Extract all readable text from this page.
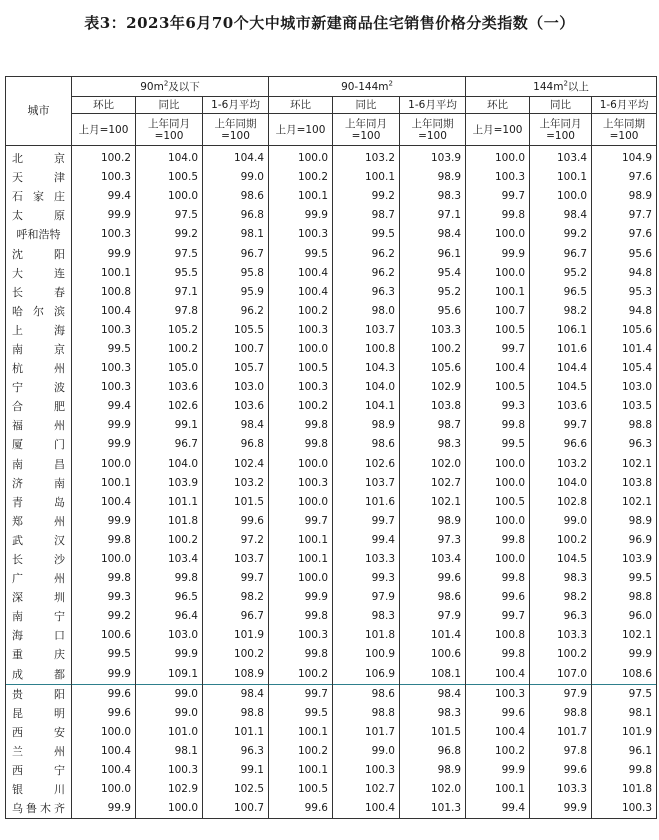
表3：2023年6月70个大中城市新建商品住宅销售价格分类指数（一）
城市	$90m^2$及以下			$90-144m^2$			$144m^2$以上		
	环比	同比	1-6月平均	环比	同比	1-6月平均	环比	同比	1-6月平均
	上月=100	上年同月=100	上年同期=100	上月=100	上年同月=100	上年同期=100	上月=100	上年同月=100	上年同期=100

北 京	100.2	104.0	104.4	100.0	103.2	103.9	100.0	103.4	104.9

天 津	100.3	100.5	99.0	100.2	100.1	98.9	100.3	100.1	97.6

石 家 庄	99.4	100.0	98.6	100.1	99.2	98.3	99.7	100.0	98.9

太 原	99.9	97.5	96.8	99.9	98.7	97.1	99.8	98.4	97.7

呼和浩特	100.3	99.2	98.1	100.3	99.5	98.4	100.0	99.2	97.6

沈 阳	99.9	97.5	96.7	99.5	96.2	96.1	99.9	96.7	95.6

大 连	100.1	95.5	95.8	100.4	96.2	95.4	100.0	95.2	94.8

长 春	100.8	97.1	95.9	100.4	96.3	95.2	100.1	96.5	95.3

哈 尔 滨	100.4	97.8	96.2	100.2	98.0	95.6	100.7	98.2	94.8

上 海	100.3	105.2	105.5	100.3	103.7	103.3	100.5	106.1	105.6

南 京	99.5	100.2	100.7	100.0	100.8	100.2	99.7	101.6	101.4

杭 州	100.3	105.0	105.7	100.5	104.3	105.6	100.4	104.4	105.4

宁 波	100.3	103.6	103.0	100.3	104.0	102.9	100.5	104.5	103.0

合 肥	99.4	102.6	103.6	100.2	104.1	103.8	99.3	103.6	103.5

福 州	99.9	99.1	98.4	99.8	98.9	98.7	99.8	99.7	98.8

厦 门	99.9	96.7	96.8	99.8	98.6	98.3	99.5	96.6	96.3

南 昌	100.0	104.0	102.4	100.0	102.6	102.0	100.0	103.2	102.1

济 南	100.1	103.9	103.2	100.3	103.7	102.7	100.0	104.0	103.8

青 岛	100.4	101.1	101.5	100.0	101.6	102.1	100.5	102.8	102.1

郑 州	99.9	101.8	99.6	99.7	99.7	98.9	100.0	99.0	98.9

武 汉	99.8	100.2	97.2	100.1	99.4	97.3	99.8	100.2	96.9

长 沙	100.0	103.4	103.7	100.1	103.3	103.4	100.0	104.5	103.9

广 州	99.8	99.8	99.7	100.0	99.3	99.6	99.8	98.3	99.5

深 圳	99.3	96.5	98.2	99.9	97.9	98.6	99.6	98.2	98.8

南 宁	99.2	96.4	96.7	99.8	98.3	97.9	99.7	96.3	96.0

海 口	100.6	103.0	101.9	100.3	101.8	101.4	100.8	103.3	102.1

重 庆	99.5	99.9	100.2	99.8	100.9	100.6	99.8	100.2	99.9

成 都	99.9	109.1	108.9	100.2	106.9	108.1	100.4	107.0	108.6

贵 阳	99.6	99.0	98.4	99.7	98.6	98.4	100.3	97.9	97.5

昆 明	99.6	99.0	98.8	99.5	98.8	98.3	99.6	98.8	98.1

西 安	100.0	101.0	101.1	100.1	101.7	101.5	100.4	101.7	101.9

兰 州	100.4	98.1	96.3	100.2	99.0	96.8	100.2	97.8	96.1

西 宁	100.4	100.3	99.1	100.1	100.3	98.9	99.9	99.6	99.8

银 川	100.0	102.9	102.5	100.5	102.7	102.0	100.1	103.3	101.8

乌 鲁 木 齐	99.9	100.0	100.7	99.6	100.4	101.3	99.4	99.9	100.3
